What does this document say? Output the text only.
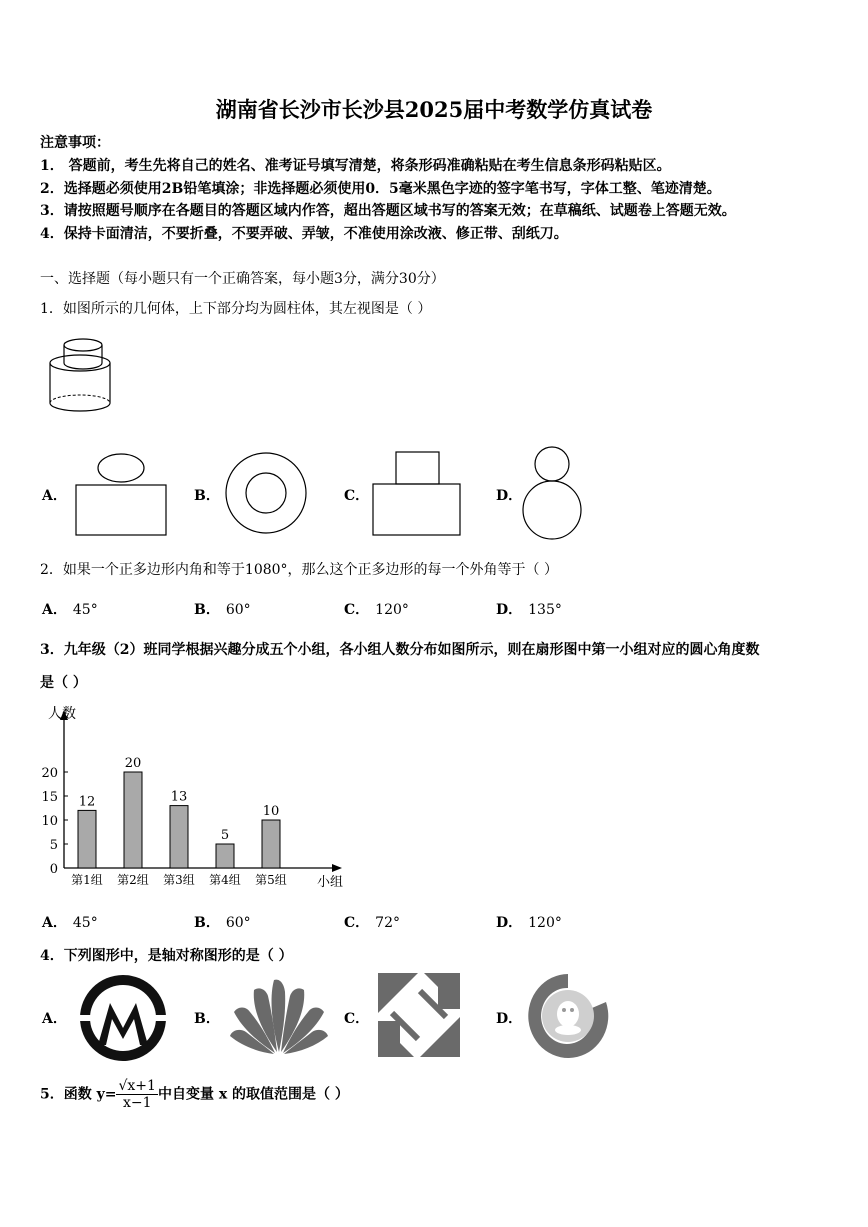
湖南省长沙市长沙县2025届中考数学仿真试卷
注意事项：
1． 答题前，考生先将自己的姓名、准考证号填写清楚，将条形码准确粘贴在考生信息条形码粘贴区。
2．选择题必须使用2B铅笔填涂；非选择题必须使用0．5毫米黑色字迹的签字笔书写，字体工整、笔迹清楚。
3．请按照题号顺序在各题目的答题区域内作答，超出答题区域书写的答案无效；在草稿纸、试题卷上答题无效。
4．保持卡面清洁，不要折叠，不要弄破、弄皱，不准使用涂改液、修正带、刮纸刀。
一、选择题（每小题只有一个正确答案，每小题3分，满分30分）
1．如图所示的几何体，上下部分均为圆柱体，其左视图是（ ）
A．	B．	C．	D．
2．如果一个正多边形内角和等于1080°，那么这个正多边形的每一个外角等于（ ）
A． 45°	B． 60°	C． 120°	D． 135°
3．九年级（2）班同学根据兴趣分成五个小组，各小组人数分布如图所示，则在扇形图中第一小组对应的圆心角度数
是（ ）
人数
小组
0
5
10
15
20
12
第1组
20
第2组
13
第3组
5
第4组
10
第5组
A． 45°	B． 60°	C． 72°	D． 120°
4．下列图形中，是轴对称图形的是（ ）
A．	B．	C．	D．
5．函数 $y= \frac{√x+1}{x-1}$ 中自变量 x 的取值范围是（ ）
